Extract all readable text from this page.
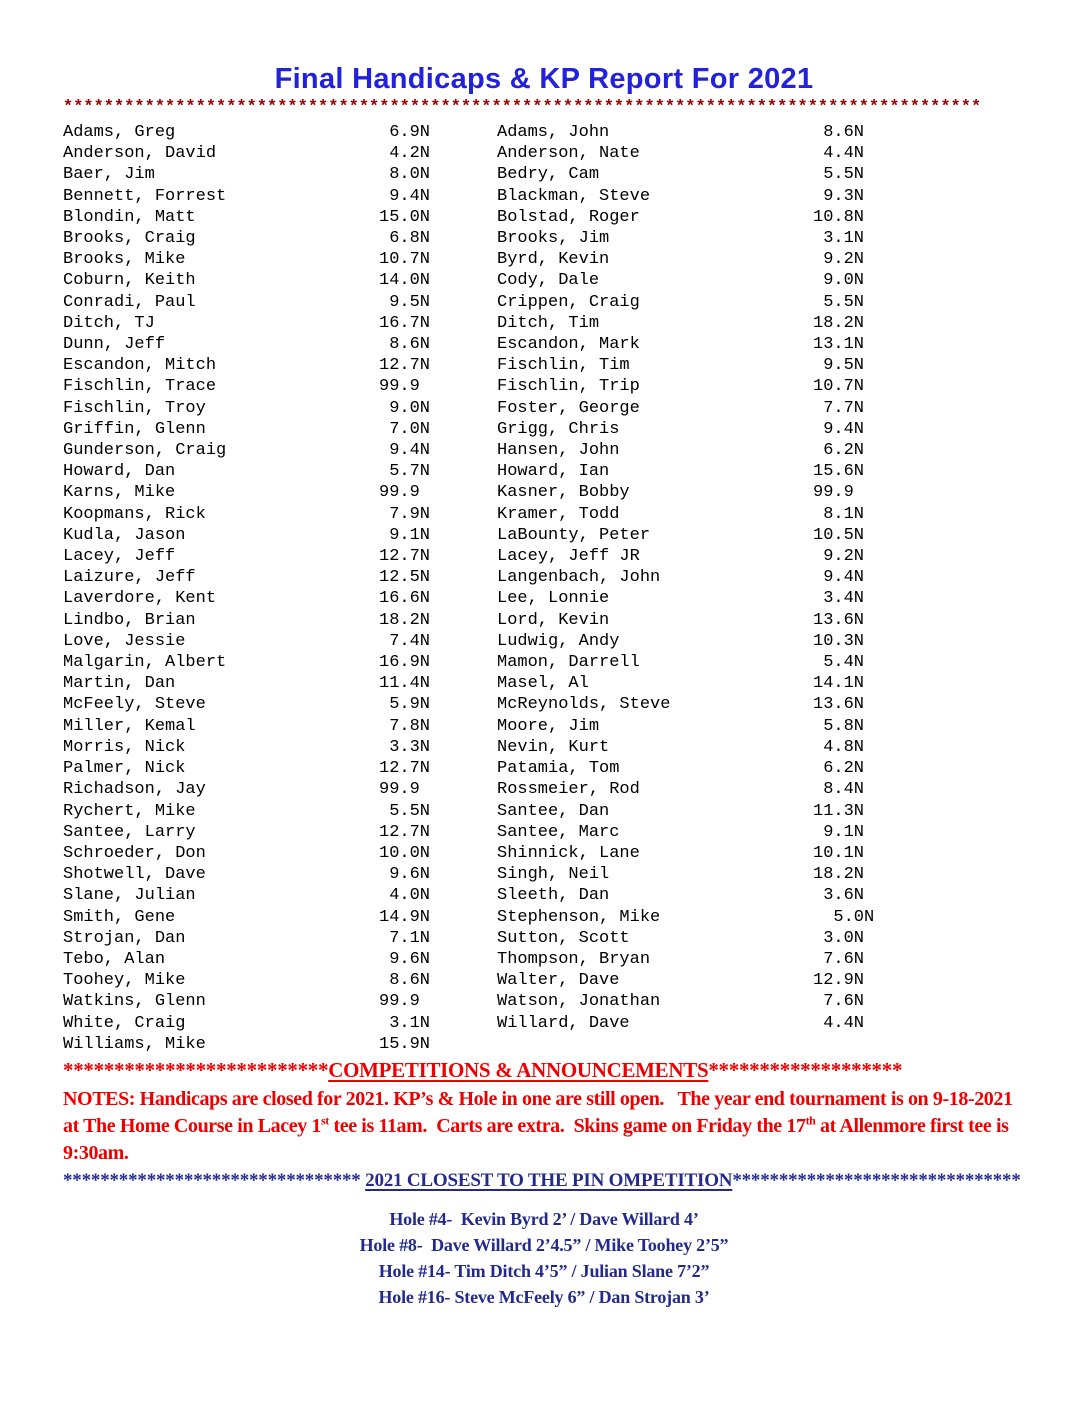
Final Handicaps & KP Report For 2021
******************************************************************************************
Adams, Greg	6.9N
Anderson, David	4.2N
Baer, Jim	8.0N
Bennett, Forrest	9.4N
Blondin, Matt	15.0N
Brooks, Craig	6.8N
Brooks, Mike	10.7N
Coburn, Keith	14.0N
Conradi, Paul	9.5N
Ditch, TJ	16.7N
Dunn, Jeff	8.6N
Escandon, Mitch	12.7N
Fischlin, Trace	99.9
Fischlin, Troy	9.0N
Griffin, Glenn	7.0N
Gunderson, Craig	9.4N
Howard, Dan	5.7N
Karns, Mike	99.9
Koopmans, Rick	7.9N
Kudla, Jason	9.1N
Lacey, Jeff	12.7N
Laizure, Jeff	12.5N
Laverdore, Kent	16.6N
Lindbo, Brian	18.2N
Love, Jessie	7.4N
Malgarin, Albert	16.9N
Martin, Dan	11.4N
McFeely, Steve	5.9N
Miller, Kemal	7.8N
Morris, Nick	3.3N
Palmer, Nick	12.7N
Richadson, Jay	99.9
Rychert, Mike	5.5N
Santee, Larry	12.7N
Schroeder, Don	10.0N
Shotwell, Dave	9.6N
Slane, Julian	4.0N
Smith, Gene	14.9N
Strojan, Dan	7.1N
Tebo, Alan	9.6N
Toohey, Mike	8.6N
Watkins, Glenn	99.9
White, Craig	3.1N
Williams, Mike	15.9N
Adams, John	8.6N
Anderson, Nate	4.4N
Bedry, Cam	5.5N
Blackman, Steve	9.3N
Bolstad, Roger	10.8N
Brooks, Jim	3.1N
Byrd, Kevin	9.2N
Cody, Dale	9.0N
Crippen, Craig	5.5N
Ditch, Tim	18.2N
Escandon, Mark	13.1N
Fischlin, Tim	9.5N
Fischlin, Trip	10.7N
Foster, George	7.7N
Grigg, Chris	9.4N
Hansen, John	6.2N
Howard, Ian	15.6N
Kasner, Bobby	99.9
Kramer, Todd	8.1N
LaBounty, Peter	10.5N
Lacey, Jeff JR	9.2N
Langenbach, John	9.4N
Lee, Lonnie	3.4N
Lord, Kevin	13.6N
Ludwig, Andy	10.3N
Mamon, Darrell	5.4N
Masel, Al	14.1N
McReynolds, Steve	13.6N
Moore, Jim	5.8N
Nevin, Kurt	4.8N
Patamia, Tom	6.2N
Rossmeier, Rod	8.4N
Santee, Dan	11.3N
Santee, Marc	9.1N
Shinnick, Lane	10.1N
Singh, Neil	18.2N
Sleeth, Dan	3.6N
Stephenson, Mike	5.0N
Sutton, Scott	3.0N
Thompson, Bryan	7.6N
Walter, Dave	12.9N
Watson, Jonathan	7.6N
Willard, Dave	4.4N
**************************COMPETITIONS & ANNOUNCEMENTS*******************

NOTES: Handicaps are closed for 2021. KP’s & Hole in one are still open.   The year end tournament is on 9-18-2021 at The Home Course in Lacey 1st tee is 11am.  Carts are extra.  Skins game on Friday the 17th at Allenmore first tee is 9:30am.

******************************** 2021 CLOSEST TO THE PIN OMPETITION*******************************
Hole #4-  Kevin Byrd 2’ / Dave Willard 4’
Hole #8-  Dave Willard 2’4.5” / Mike Toohey 2’5”
Hole #14- Tim Ditch 4’5” / Julian Slane 7’2”
Hole #16- Steve McFeely 6” / Dan Strojan 3’
